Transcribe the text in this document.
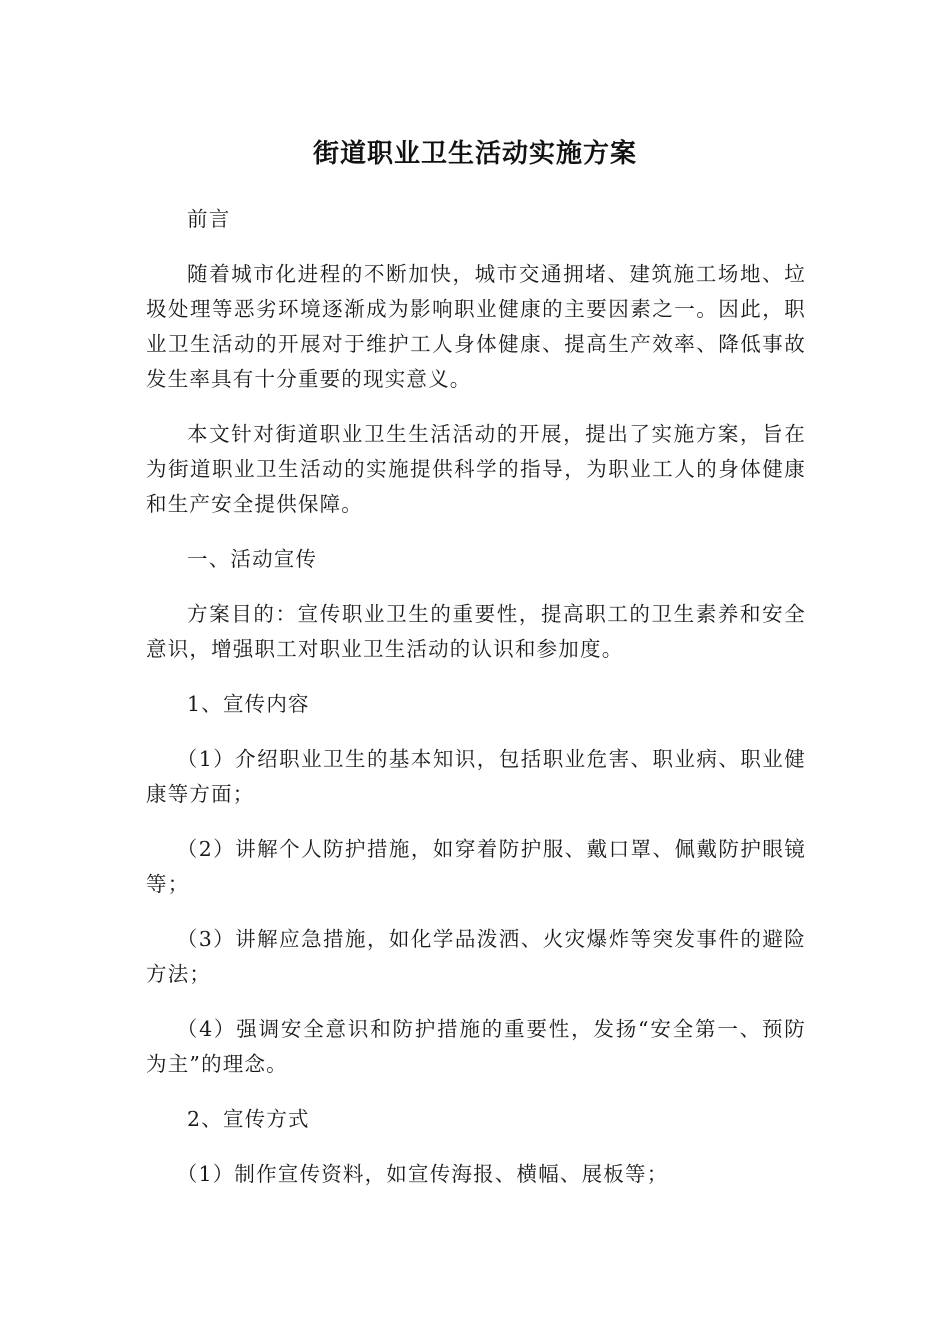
街道职业卫生活动实施方案

前言

随着城市化进程的不断加快，城市交通拥堵、建筑施工场地、垃圾处理等恶劣环境逐渐成为影响职业健康的主要因素之一。因此，职业卫生活动的开展对于维护工人身体健康、提高生产效率、降低事故发生率具有十分重要的现实意义。

本文针对街道职业卫生生活活动的开展，提出了实施方案，旨在为街道职业卫生活动的实施提供科学的指导，为职业工人的身体健康和生产安全提供保障。

一、活动宣传

方案目的：宣传职业卫生的重要性，提高职工的卫生素养和安全意识，增强职工对职业卫生活动的认识和参加度。

1、宣传内容

（1）介绍职业卫生的基本知识，包括职业危害、职业病、职业健康等方面；

（2）讲解个人防护措施，如穿着防护服、戴口罩、佩戴防护眼镜等；

（3）讲解应急措施，如化学品泼洒、火灾爆炸等突发事件的避险方法；

（4）强调安全意识和防护措施的重要性，发扬“安全第一、预防为主”的理念。

2、宣传方式

（1）制作宣传资料，如宣传海报、横幅、展板等；
